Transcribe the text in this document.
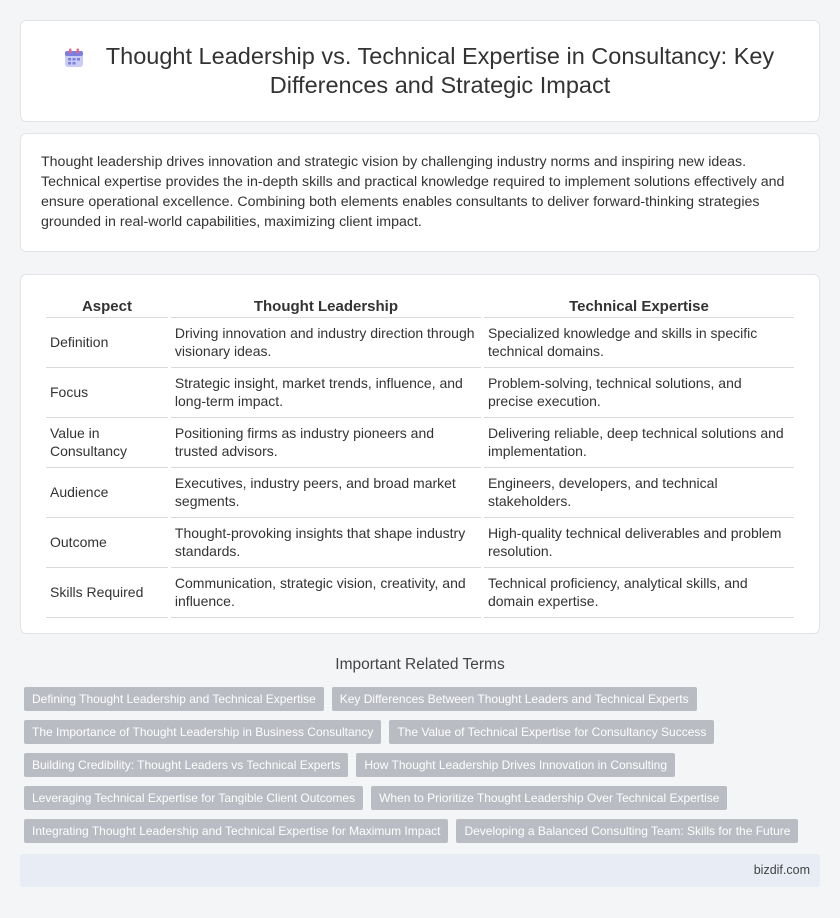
Thought Leadership vs. Technical Expertise in Consultancy: Key Differences and Strategic Impact

Thought leadership drives innovation and strategic vision by challenging industry norms and inspiring new ideas. Technical expertise provides the in-depth skills and practical knowledge required to implement solutions effectively and ensure operational excellence. Combining both elements enables consultants to deliver forward-thinking strategies grounded in real-world capabilities, maximizing client impact.

Aspect	Thought Leadership	Technical Expertise
Definition	Driving innovation and industry direction through visionary ideas.	Specialized knowledge and skills in specific technical domains.
Focus	Strategic insight, market trends, influence, and long-term impact.	Problem-solving, technical solutions, and precise execution.
Value in Consultancy	Positioning firms as industry pioneers and trusted advisors.	Delivering reliable, deep technical solutions and implementation.
Audience	Executives, industry peers, and broad market segments.	Engineers, developers, and technical stakeholders.
Outcome	Thought-provoking insights that shape industry standards.	High-quality technical deliverables and problem resolution.
Skills Required	Communication, strategic vision, creativity, and influence.	Technical proficiency, analytical skills, and domain expertise.
Important Related Terms
Defining Thought Leadership and Technical Expertise	Key Differences Between Thought Leaders and Technical Experts
The Importance of Thought Leadership in Business Consultancy	The Value of Technical Expertise for Consultancy Success
Building Credibility: Thought Leaders vs Technical Experts	How Thought Leadership Drives Innovation in Consulting
Leveraging Technical Expertise for Tangible Client Outcomes	When to Prioritize Thought Leadership Over Technical Expertise
Integrating Thought Leadership and Technical Expertise for Maximum Impact	Developing a Balanced Consulting Team: Skills for the Future
bizdif.com
